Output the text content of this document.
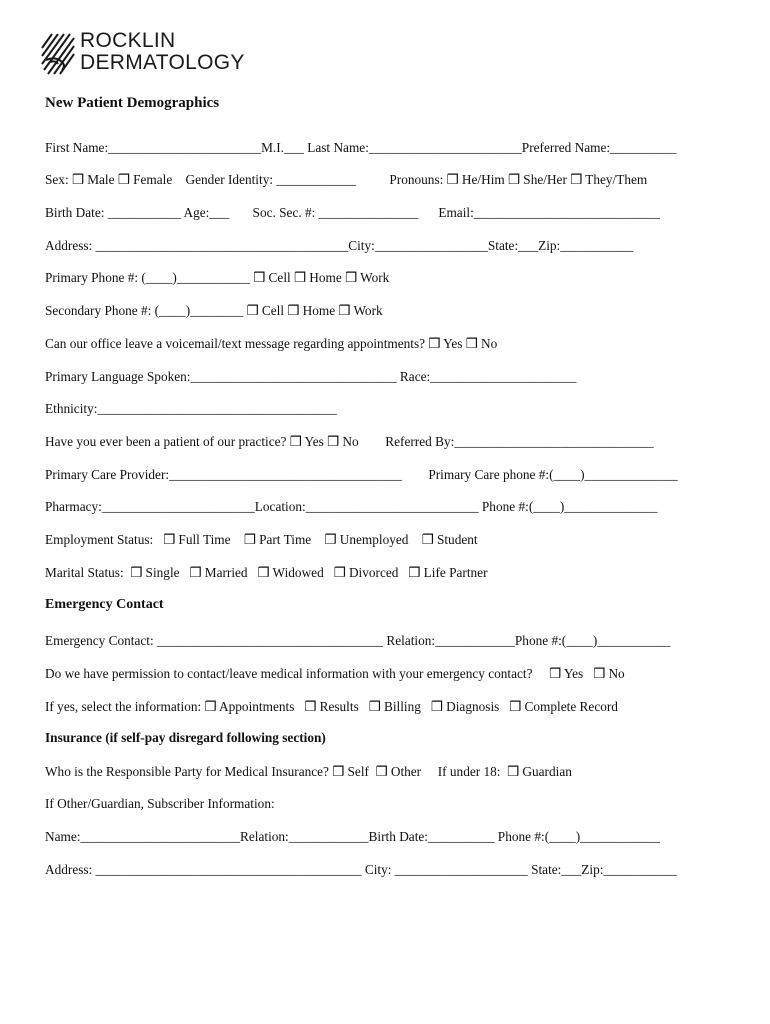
ROCKLIN
DERMATOLOGY
New Patient Demographics
First Name:_______________________M.I.___ Last Name:_______________________Preferred Name:__________
Sex: ❒ Male ❒ Female    Gender Identity: ____________          Pronouns: ❒ He/Him ❒ She/Her ❒ They/Them
Birth Date: ___________ Age:___       Soc. Sec. #: _______________      Email:____________________________
Address: ______________________________________City:_________________State:___Zip:___________
Primary Phone #: (____)___________ ❒ Cell ❒ Home ❒ Work
Secondary Phone #: (____)________ ❒ Cell ❒ Home ❒ Work
Can our office leave a voicemail/text message regarding appointments? ❒ Yes ❒ No
Primary Language Spoken:_______________________________ Race:______________________
Ethnicity:____________________________________
Have you ever been a patient of our practice? ❒ Yes ❒ No        Referred By:______________________________
Primary Care Provider:___________________________________        Primary Care phone #:(____)______________
Pharmacy:_______________________Location:__________________________ Phone #:(____)______________
Employment Status:   ❒ Full Time    ❒ Part Time    ❒ Unemployed    ❒ Student
Marital Status:  ❒ Single   ❒ Married   ❒ Widowed   ❒ Divorced   ❒ Life Partner
Emergency Contact
Emergency Contact: __________________________________ Relation:____________Phone #:(____)___________
Do we have permission to contact/leave medical information with your emergency contact?     ❒ Yes   ❒ No
If yes, select the information: ❒ Appointments   ❒ Results   ❒ Billing   ❒ Diagnosis   ❒ Complete Record
Insurance (if self-pay disregard following section)
Who is the Responsible Party for Medical Insurance? ❒ Self  ❒ Other     If under 18:  ❒ Guardian
If Other/Guardian, Subscriber Information:
Name:________________________Relation:____________Birth Date:__________ Phone #:(____)____________
Address: ________________________________________ City: ____________________ State:___Zip:___________
